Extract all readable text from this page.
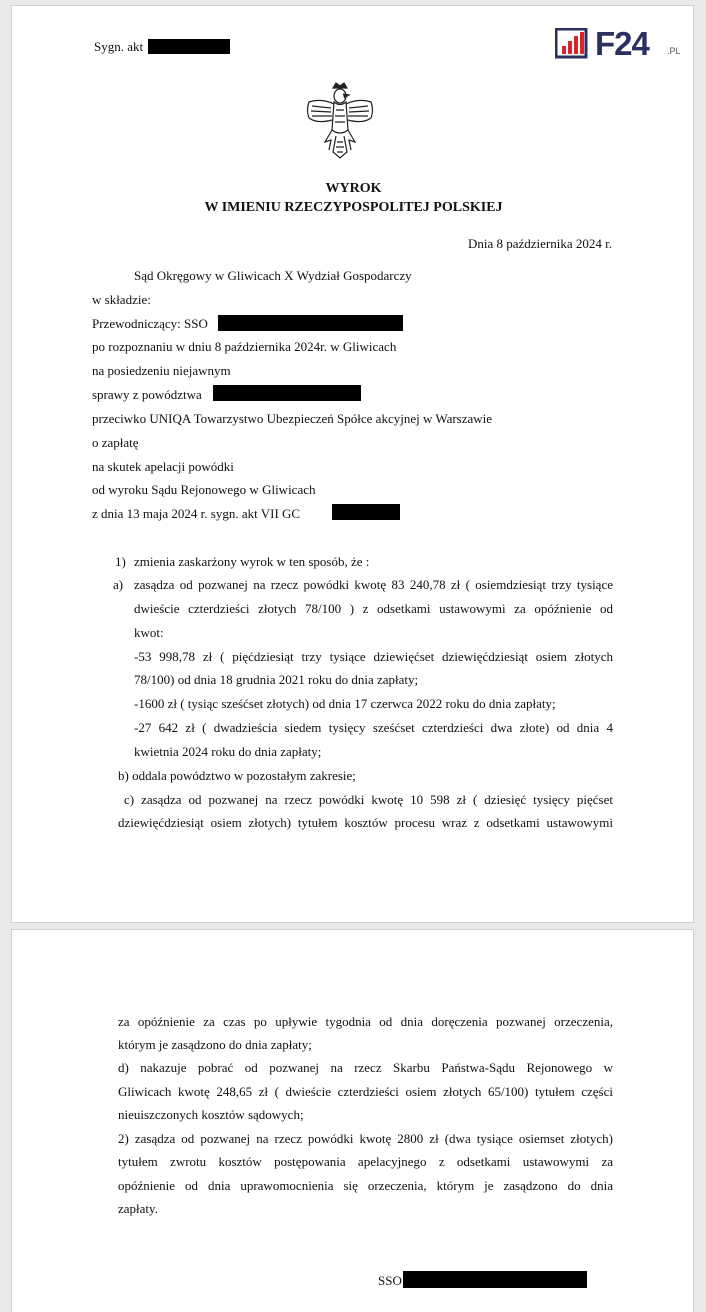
Sygn. akt	F24 .PL
WYROK
W IMIENIU RZECZYPOSPOLITEJ POLSKIEJ
Dnia 8 października 2024 r.
Sąd Okręgowy w Gliwicach X Wydział Gospodarczy
w składzie:
Przewodniczący: SSO
po rozpoznaniu w dniu 8 października 2024r. w Gliwicach
na posiedzeniu niejawnym
sprawy z powództwa
przeciwko UNIQA Towarzystwo Ubezpieczeń Spółce akcyjnej w Warszawie
o zapłatę
na skutek apelacji powódki
od wyroku Sądu Rejonowego w Gliwicach
z dnia 13 maja 2024 r. sygn. akt VII GC
1) zmienia zaskarżony wyrok w ten sposób, że :
a) zasądza od pozwanej na rzecz powódki kwotę 83 240,78 zł ( osiemdziesiąt trzy tysiące
dwieście czterdzieści złotych 78/100 ) z odsetkami ustawowymi za opóźnienie od
kwot:
-53 998,78 zł ( pięćdziesiąt trzy tysiące dziewięćset dziewięćdziesiąt osiem złotych
78/100) od dnia 18 grudnia 2021 roku do dnia zapłaty;
-1600 zł ( tysiąc sześćset złotych) od dnia 17 czerwca 2022 roku do dnia zapłaty;
-27 642 zł ( dwadzieścia siedem tysięcy sześćset czterdzieści dwa złote) od dnia 4
kwietnia 2024 roku do dnia zapłaty;
b) oddala powództwo w pozostałym zakresie;
c) zasądza od pozwanej na rzecz powódki kwotę 10 598 zł ( dziesięć tysięcy pięćset
dziewięćdziesiąt osiem złotych) tytułem kosztów procesu wraz z odsetkami ustawowymi
za opóźnienie za czas po upływie tygodnia od dnia doręczenia pozwanej orzeczenia,
którym je zasądzono do dnia zapłaty;
d) nakazuje pobrać od pozwanej na rzecz Skarbu Państwa-Sądu Rejonowego w
Gliwicach kwotę 248,65 zł ( dwieście czterdzieści osiem złotych 65/100) tytułem części
nieuiszczonych kosztów sądowych;
2) zasądza od pozwanej na rzecz powódki kwotę 2800 zł (dwa tysiące osiemset złotych)
tytułem zwrotu kosztów postępowania apelacyjnego z odsetkami ustawowymi za
opóźnienie od dnia uprawomocnienia się orzeczenia, którym je zasądzono do dnia
zapłaty.
SSO
